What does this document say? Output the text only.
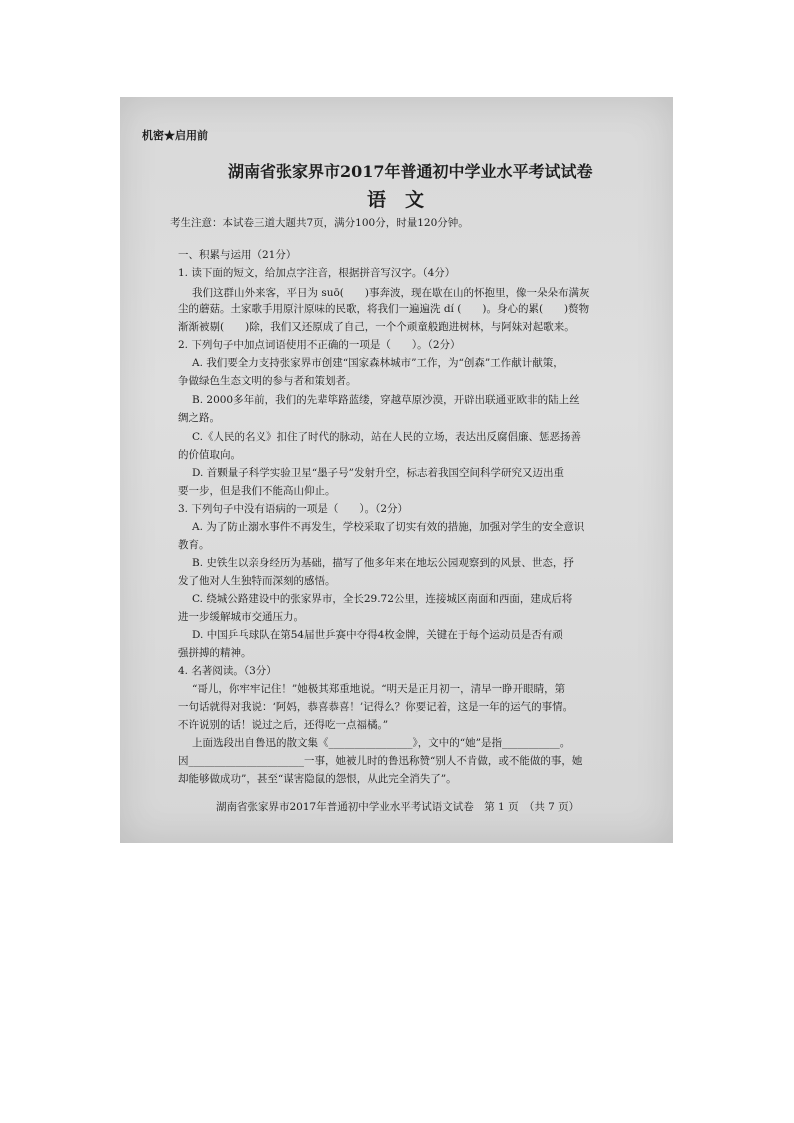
机密★启用前
湖南省张家界市2017年普通初中学业水平考试试卷
语　文
考生注意：本试卷三道大题共7页，满分100分，时量120分钟。
一、积累与运用（21分）
1. 读下面的短文，给加点字注音，根据拼音写汉字。（4分）
我们这群山外来客，平日为 suō(　　)事奔波，现在歇在山的怀抱里，像一朵朵布满灰
尘的蘑菇。土家歌手用原汁原味的民歌，将我们一遍遍洗 dí (　　)。身心的累(　　)赘物
渐渐被剔(　　)除，我们又还原成了自己，一个个顽童般跑进树林，与阿妹对起歌来。
2. 下列句子中加点词语使用不正确的一项是（　　）。（2分）
A. 我们要全力支持张家界市创建“国家森林城市”工作，为“创森”工作献计献策，
争做绿色生态文明的参与者和策划者。
B. 2000多年前，我们的先辈筚路蓝缕，穿越草原沙漠，开辟出联通亚欧非的陆上丝
绸之路。
C.《人民的名义》扣住了时代的脉动，站在人民的立场，表达出反腐倡廉、惩恶扬善
的价值取向。
D. 首颗量子科学实验卫星“墨子号”发射升空，标志着我国空间科学研究又迈出重
要一步，但是我们不能高山仰止。
3. 下列句子中没有语病的一项是（　　）。（2分）
A. 为了防止溺水事件不再发生，学校采取了切实有效的措施，加强对学生的安全意识
教育。
B. 史铁生以亲身经历为基础，描写了他多年来在地坛公园观察到的风景、世态，抒
发了他对人生独特而深刻的感悟。
C. 绕城公路建设中的张家界市，全长29.72公里，连接城区南面和西面，建成后将
进一步缓解城市交通压力。
D. 中国乒乓球队在第54届世乒赛中夺得4枚金牌，关键在于每个运动员是否有顽
强拼搏的精神。
4. 名著阅读。（3分）
“哥儿，你牢牢记住！”她极其郑重地说。“明天是正月初一，清早一睁开眼睛，第
一句话就得对我说：‘阿妈，恭喜恭喜！’记得么？你要记着，这是一年的运气的事情。
不许说别的话！说过之后，还得吃一点福橘。”
上面选段出自鲁迅的散文集《________________》，文中的“她”是指___________。
因______________________一事，她被儿时的鲁迅称赞“别人不肯做，或不能做的事，她
却能够做成功”，甚至“谋害隐鼠的怨恨，从此完全消失了”。
湖南省张家界市2017年普通初中学业水平考试语文试卷　第 1 页　（共 7 页）
